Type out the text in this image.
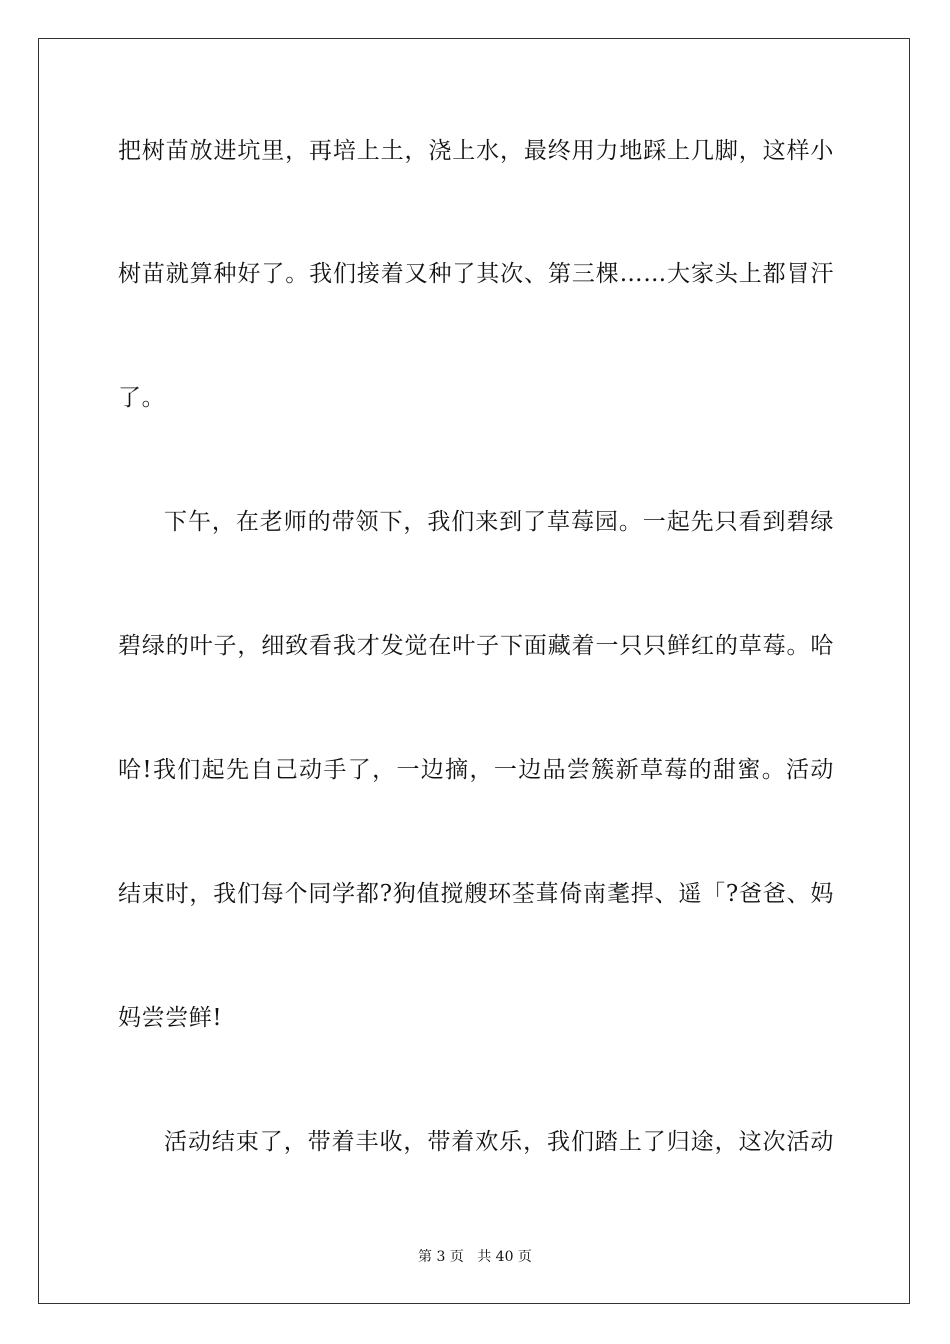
把树苗放进坑里，再培上土，浇上水，最终用力地踩上几脚，这样小
树苗就算种好了。我们接着又种了其次、第三棵……大家头上都冒汗
了。
下午，在老师的带领下，我们来到了草莓园。一起先只看到碧绿
碧绿的叶子，细致看我才发觉在叶子下面藏着一只只鲜红的草莓。哈
哈!我们起先自己动手了，一边摘，一边品尝簇新草莓的甜蜜。活动
结束时，我们每个同学都?狗值搅艘环荃葺倚南耄捍、遥「?爸爸、妈
妈尝尝鲜!
活动结束了，带着丰收，带着欢乐，我们踏上了归途，这次活动
第 3 页 共 40 页
